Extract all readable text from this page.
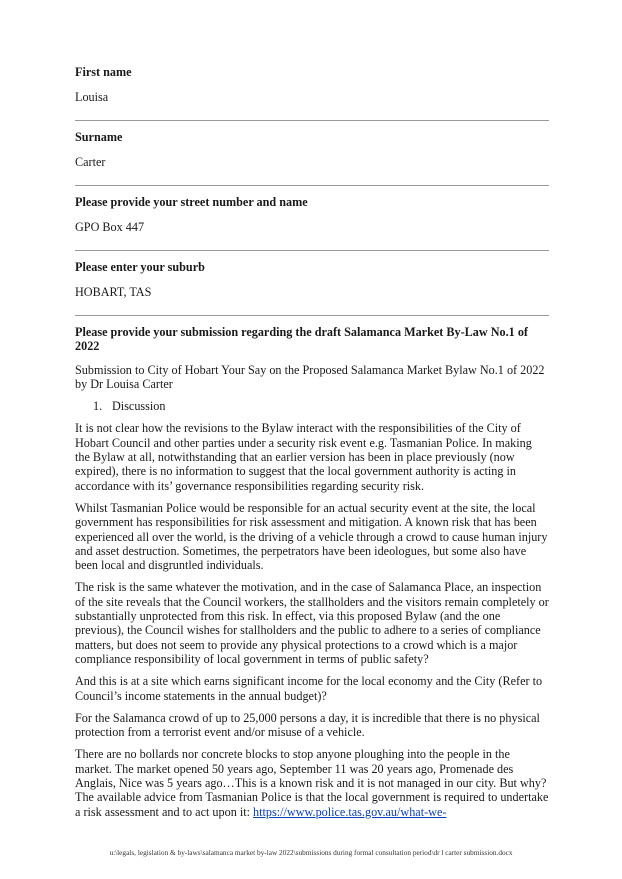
First name

Louisa

Surname

Carter

Please provide your street number and name

GPO Box 447

Please enter your suburb

HOBART, TAS

Please provide your submission regarding the draft Salamanca Market By-Law No.1 of 2022

Submission to City of Hobart Your Say on the Proposed Salamanca Market Bylaw No.1 of 2022 by Dr Louisa Carter

1. Discussion

It is not clear how the revisions to the Bylaw interact with the responsibilities of the City of Hobart Council and other parties under a security risk event e.g. Tasmanian Police. In making the Bylaw at all, notwithstanding that an earlier version has been in place previously (now expired), there is no information to suggest that the local government authority is acting in accordance with its’ governance responsibilities regarding security risk.

Whilst Tasmanian Police would be responsible for an actual security event at the site, the local government has responsibilities for risk assessment and mitigation. A known risk that has been experienced all over the world, is the driving of a vehicle through a crowd to cause human injury and asset destruction. Sometimes, the perpetrators have been ideologues, but some also have been local and disgruntled individuals.

The risk is the same whatever the motivation, and in the case of Salamanca Place, an inspection of the site reveals that the Council workers, the stallholders and the visitors remain completely or substantially unprotected from this risk. In effect, via this proposed Bylaw (and the one previous), the Council wishes for stallholders and the public to adhere to a series of compliance matters, but does not seem to provide any physical protections to a crowd which is a major compliance responsibility of local government in terms of public safety?

And this is at a site which earns significant income for the local economy and the City (Refer to Council’s income statements in the annual budget)?

For the Salamanca crowd of up to 25,000 persons a day, it is incredible that there is no physical protection from a terrorist event and/or misuse of a vehicle.

There are no bollards nor concrete blocks to stop anyone ploughing into the people in the market. The market opened 50 years ago, September 11 was 20 years ago, Promenade des Anglais, Nice was 5 years ago…This is a known risk and it is not managed in our city. But why? The available advice from Tasmanian Police is that the local government is required to undertake a risk assessment and to act upon it: https://www.police.tas.gov.au/what-we-

u:\legals, legislation & by-laws\salamanca market by-law 2022\submissions during formal consultation period\dr l carter submission.docx
